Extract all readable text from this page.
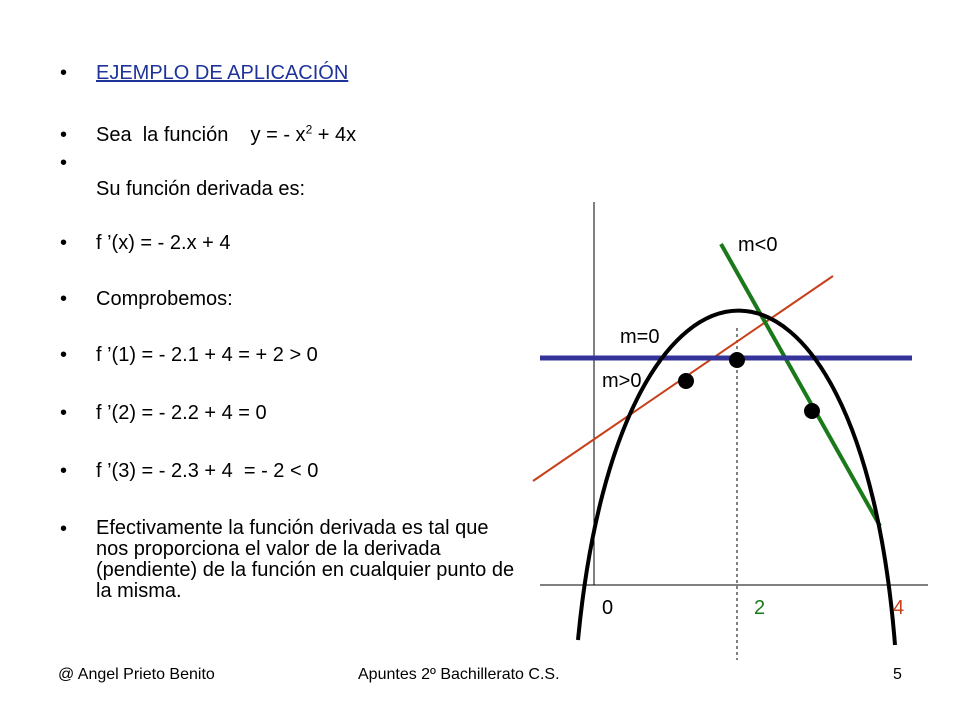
• EJEMPLO DE APLICACIÓN
• Sea  la función    y = - $x^2 + 4x$
•
Su función derivada es:
• f ’(x) = - 2.x + 4
• Comprobemos:
• f ’(1) = - 2.1 + 4 = + 2 > 0
• f ’(2) = - 2.2 + 4 = 0
• f ’(3) = - 2.3 + 4  = - 2 < 0
• Efectivamente la función derivada es tal que nos proporciona el valor de la derivada (pendiente) de la función en cualquier punto de la misma.
m<0
m=0
m>0
0	2	4
@ Angel Prieto Benito	Apuntes 2º Bachillerato C.S.	5
